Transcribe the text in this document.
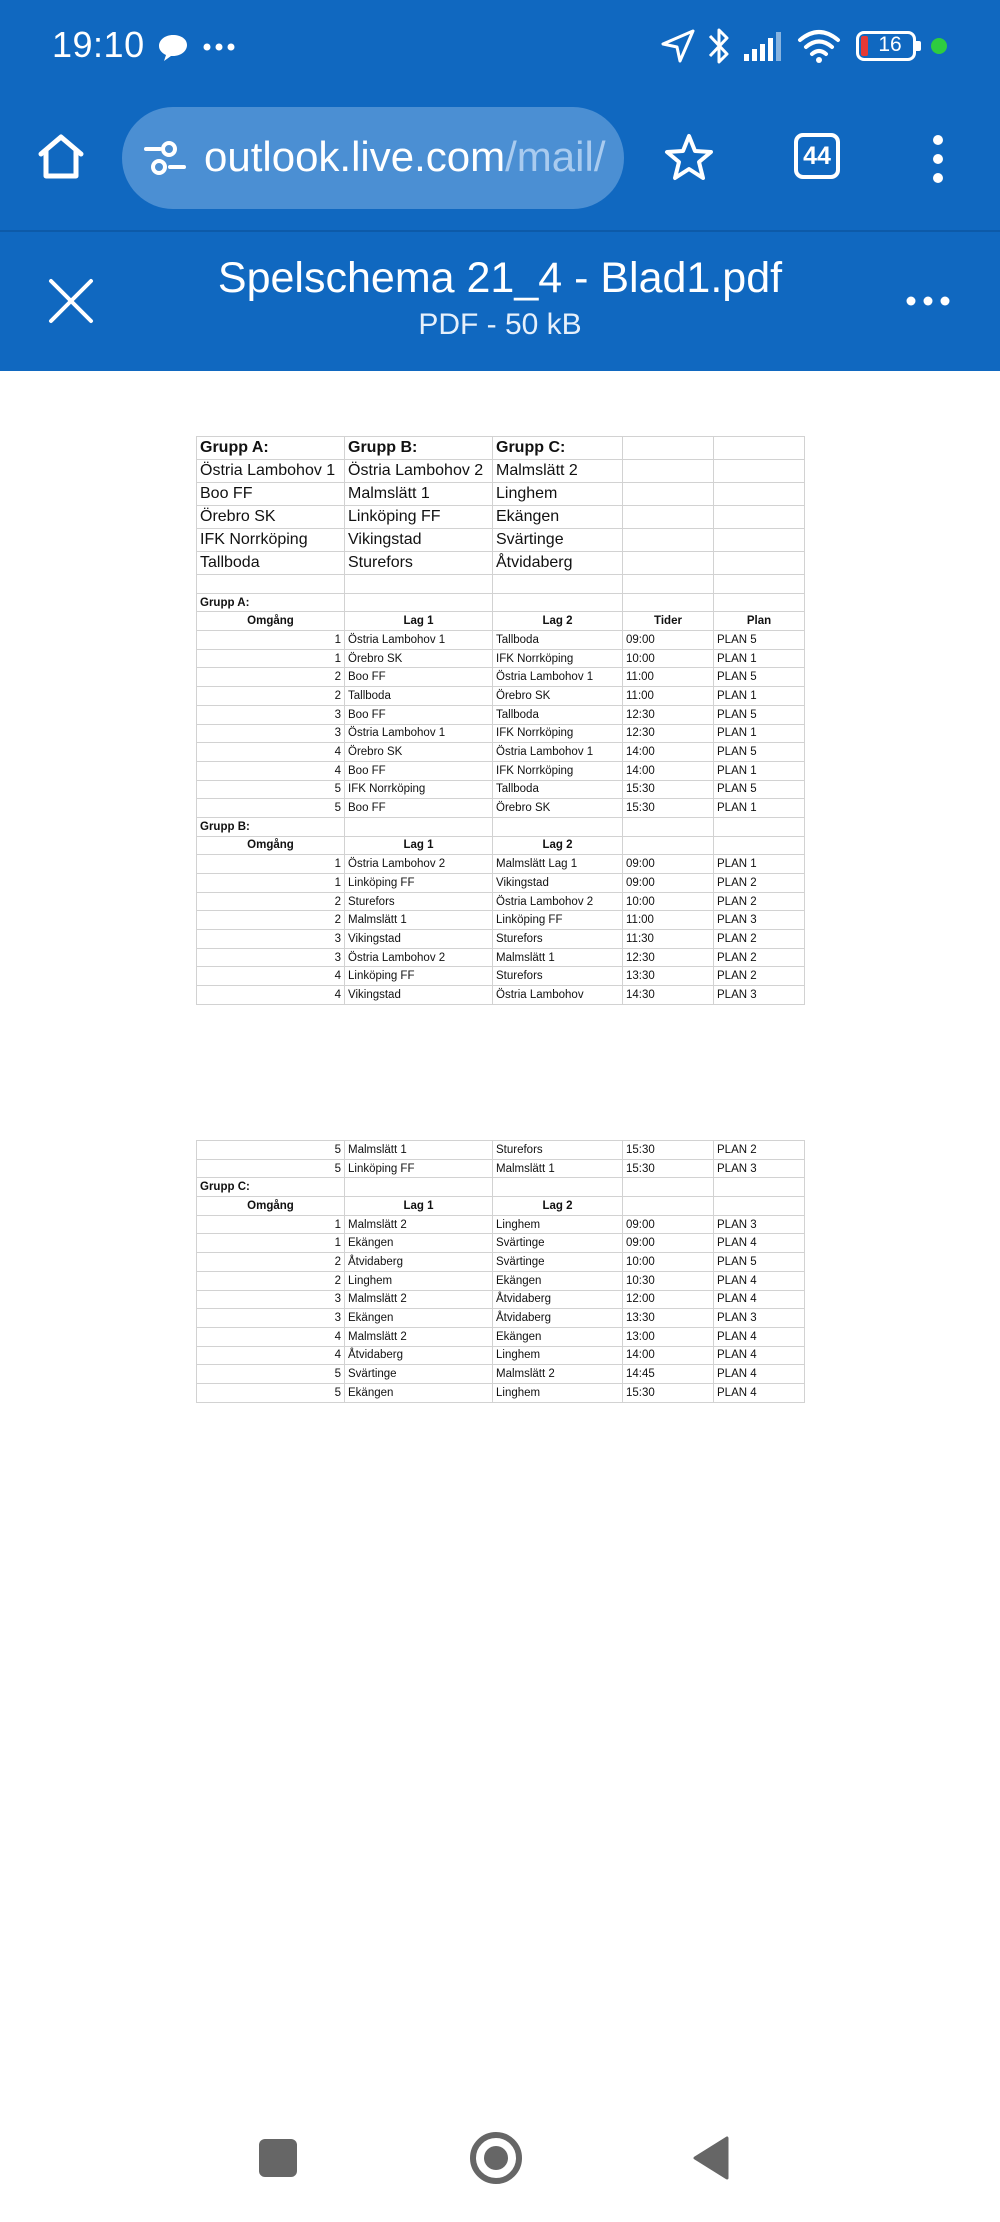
19:10	16
outlook.live.com/mail/	44
Spelschema 21_4 - Blad1.pdf
PDF - 50 kB
Grupp A:	Grupp B:	Grupp C:		
Östria Lambohov 1	Östria Lambohov 2	Malmslätt 2		
Boo FF	Malmslätt 1	Linghem		
Örebro SK	Linköping FF	Ekängen		
IFK Norrköping	Vikingstad	Svärtinge		
Tallboda	Sturefors	Åtvidaberg		

Grupp A:				
Omgång	Lag 1	Lag 2	Tider	Plan
1	Östria Lambohov 1	Tallboda	09:00	PLAN 5
1	Örebro SK	IFK Norrköping	10:00	PLAN 1
2	Boo FF	Östria Lambohov 1	11:00	PLAN 5
2	Tallboda	Örebro SK	11:00	PLAN 1
3	Boo FF	Tallboda	12:30	PLAN 5
3	Östria Lambohov 1	IFK Norrköping	12:30	PLAN 1
4	Örebro SK	Östria Lambohov 1	14:00	PLAN 5
4	Boo FF	IFK Norrköping	14:00	PLAN 1
5	IFK Norrköping	Tallboda	15:30	PLAN 5
5	Boo FF	Örebro SK	15:30	PLAN 1
Grupp B:				
Omgång	Lag 1	Lag 2		
1	Östria Lambohov 2	Malmslätt Lag 1	09:00	PLAN 1
1	Linköping FF	Vikingstad	09:00	PLAN 2
2	Sturefors	Östria Lambohov 2	10:00	PLAN 2
2	Malmslätt 1	Linköping FF	11:00	PLAN 3
3	Vikingstad	Sturefors	11:30	PLAN 2
3	Östria Lambohov 2	Malmslätt 1	12:30	PLAN 2
4	Linköping FF	Sturefors	13:30	PLAN 2
4	Vikingstad	Östria Lambohov	14:30	PLAN 3
5	Malmslätt 1	Sturefors	15:30	PLAN 2
5	Linköping FF	Malmslätt 1	15:30	PLAN 3
Grupp C:				
Omgång	Lag 1	Lag 2		
1	Malmslätt 2	Linghem	09:00	PLAN 3
1	Ekängen	Svärtinge	09:00	PLAN 4
2	Åtvidaberg	Svärtinge	10:00	PLAN 5
2	Linghem	Ekängen	10:30	PLAN 4
3	Malmslätt 2	Åtvidaberg	12:00	PLAN 4
3	Ekängen	Åtvidaberg	13:30	PLAN 3
4	Malmslätt 2	Ekängen	13:00	PLAN 4
4	Åtvidaberg	Linghem	14:00	PLAN 4
5	Svärtinge	Malmslätt 2	14:45	PLAN 4
5	Ekängen	Linghem	15:30	PLAN 4
